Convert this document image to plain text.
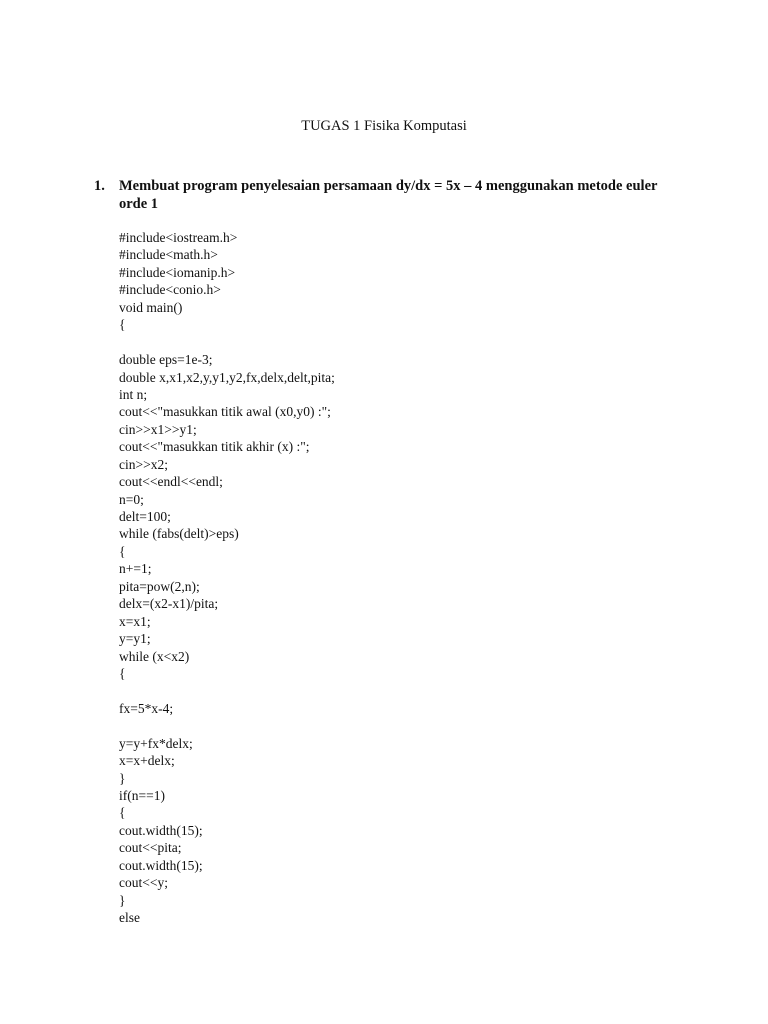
TUGAS 1 Fisika Komputasi
1. Membuat program penyelesaian persamaan dy/dx = 5x – 4 menggunakan metode euler orde 1
#include<iostream.h>
#include<math.h>
#include<iomanip.h>
#include<conio.h>
void main()
{
double eps=1e-3;
double x,x1,x2,y,y1,y2,fx,delx,delt,pita;
int n;
cout<<"masukkan titik awal (x0,y0) :";
cin>>x1>>y1;
cout<<"masukkan titik akhir (x) :";
cin>>x2;
cout<<endl<<endl;
n=0;
delt=100;
while (fabs(delt)>eps)
{
n+=1;
pita=pow(2,n);
delx=(x2-x1)/pita;
x=x1;
y=y1;
while (x<x2)
{
fx=5*x-4;
y=y+fx*delx;
x=x+delx;
}
if(n==1)
{
cout.width(15);
cout<<pita;
cout.width(15);
cout<<y;
}
else
